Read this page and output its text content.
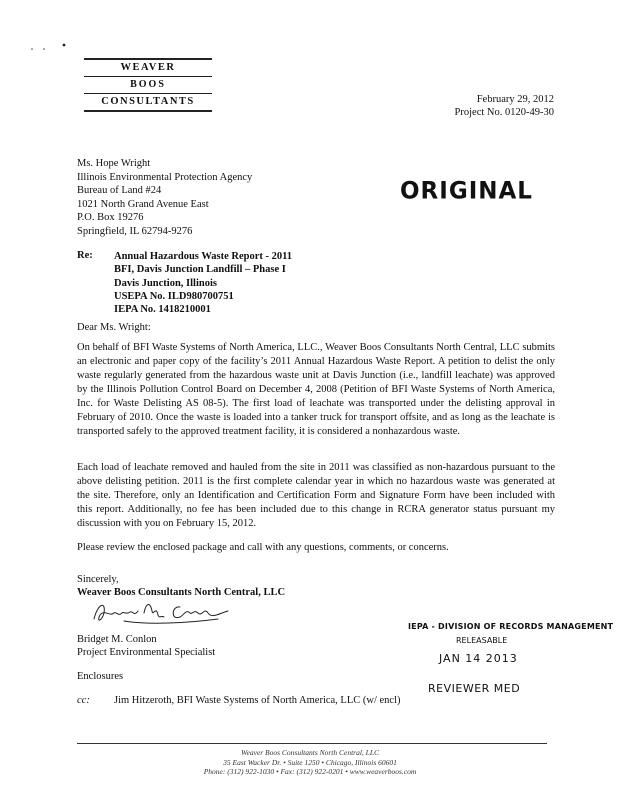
WEAVER
BOOS
CONSULTANTS	February 29, 2012
Project No. 0120-49-30
Ms. Hope Wright
Illinois Environmental Protection Agency
Bureau of Land #24
1021 North Grand Avenue East
P.O. Box 19276
Springfield, IL 62794-9276
ORIGINAL
Re: Annual Hazardous Waste Report - 2011
BFI, Davis Junction Landfill – Phase I
Davis Junction, Illinois
USEPA No. ILD980700751
IEPA No. 1418210001
Dear Ms. Wright:
On behalf of BFI Waste Systems of North America, LLC., Weaver Boos Consultants North Central, LLC submits an electronic and paper copy of the facility’s 2011 Annual Hazardous Waste Report. A petition to delist the only waste regularly generated from the hazardous waste unit at Davis Junction (i.e., landfill leachate) was approved by the Illinois Pollution Control Board on December 4, 2008 (Petition of BFI Waste Systems of North America, Inc. for Waste Delisting AS 08-5). The first load of leachate was transported under the delisting approval in February of 2010. Once the waste is loaded into a tanker truck for transport offsite, and as long as the leachate is transported safely to the approved treatment facility, it is considered a nonhazardous waste.
Each load of leachate removed and hauled from the site in 2011 was classified as non-hazardous pursuant to the above delisting petition. 2011 is the first complete calendar year in which no hazardous waste was generated at the site. Therefore, only an Identification and Certification Form and Signature Form have been included with this report. Additionally, no fee has been included due to this change in RCRA generator status pursuant my discussion with you on February 15, 2012.
Please review the enclosed package and call with any questions, comments, or concerns.
Sincerely,
Weaver Boos Consultants North Central, LLC
Bridget M. Conlon
Project Environmental Specialist
Enclosures
cc: Jim Hitzeroth, BFI Waste Systems of North America, LLC (w/ encl)
IEPA - DIVISION OF RECORDS MANAGEMENT
RELEASABLE
JAN 14 2013
REVIEWER MED
Weaver Boos Consultants North Central, LLC
35 East Wacker Dr. • Suite 1250 • Chicago, Illinois 60601
Phone: (312) 922-1030 • Fax: (312) 922-0201 • www.weaverboos.com
